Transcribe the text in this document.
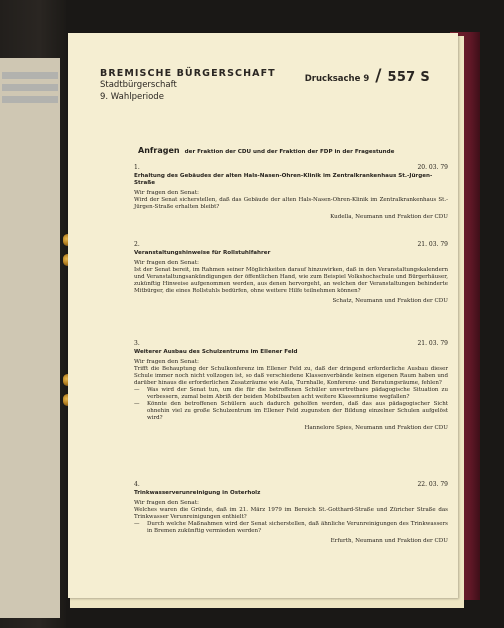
BREMISCHE BÜRGERSCHAFT
Stadtbürgerschaft
9. Wahlperiode
Drucksache 9 / 557 S
Anfragen der Fraktion der CDU und der Fraktion der FDP in der Fragestunde
1.	20. 03. 79
Erhaltung des Gebäudes der alten Hals-Nasen-Ohren-Klinik im Zentralkrankenhaus St.-Jürgen-Straße
Wir fragen den Senat:
Wird der Senat sicherstellen, daß das Gebäude der alten Hals-Nasen-Ohren-Klinik im Zentralkrankenhaus St.-Jürgen-Straße erhalten bleibt?
Kudella, Neumann und Fraktion der CDU
2.	21. 03. 79
Veranstaltungshinweise für Rollstuhlfahrer
Wir fragen den Senat:
Ist der Senat bereit, im Rahmen seiner Möglichkeiten darauf hinzuwirken, daß in den Veranstaltungskalendern und Veranstaltungsankündigungen der öffentlichen Hand, wie zum Beispiel Volkshochschule und Bürgerhäuser, zukünftig Hinweise aufgenommen werden, aus denen hervorgeht, an welchen der Veranstaltungen behinderte Mitbürger, die eines Rollstuhls bedürfen, ohne weitere Hilfe teilnehmen können?
Schatz, Neumann und Fraktion der CDU
3.	21. 03. 79
Weiterer Ausbau des Schulzentrums im Ellener Feld
Wir fragen den Senat:
Trifft die Behauptung der Schulkonferenz im Ellener Feld zu, daß der dringend erforderliche Ausbau dieser Schule immer noch nicht vollzogen ist, so daß verschiedene Klassenverbände keinen eigenen Raum haben und darüber hinaus die erforderlichen Zusatzräume wie Aula, Turnhalle, Konferenz- und Beratungsräume, fehlen?
—	Was wird der Senat tun, um die für die betroffenen Schüler unvertretbare pädagogische Situation zu verbessern, zumal beim Abriß der beiden Mobilbauten acht weitere Klassenräume wegfallen?
—	Könnte den betroffenen Schülern auch dadurch geholfen werden, daß das aus pädagogischer Sicht ohnehin viel zu große Schulzentrum im Ellener Feld zugunsten der Bildung einzelner Schulen aufgelöst wird?
Hannelore Spies, Neumann und Fraktion der CDU
4.	22. 03. 79
Trinkwasserverunreinigung in Osterholz
Wir fragen den Senat:
Welches waren die Gründe, daß im 21. März 1979 im Bereich St.-Gotthard-Straße und Züricher Straße das Trinkwasser Verunreinigungen enthielt?
—	Durch welche Maßnahmen wird der Senat sicherstellen, daß ähnliche Verunreinigungen des Trinkwassers in Bremen zukünftig vermieden werden?
Erfurth, Neumann und Fraktion der CDU
